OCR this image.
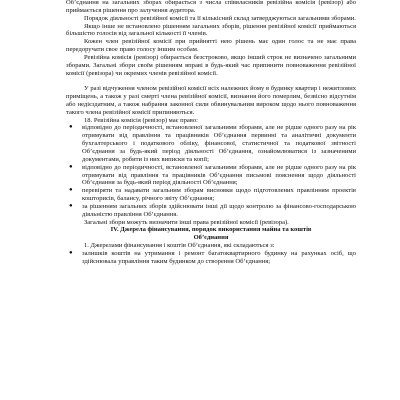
Об’єднання на загальних зборах обирається з числа співвласників ревізійна комісія (ревізор) або приймається рішення про залучення аудитора.

Порядок діяльності ревізійної комісії та її кількісний склад затверджуються загальними зборами.

Якщо інше не встановлено рішенням загальних зборів, рішення ревізійної комісії приймаються більшістю голосів від загальної кількості її членів.

Кожен член ревізійної комісії при прийнятті нею рішень має один голос та не має права передоручати свое право голосу іншим особам.

Ревізійна комісія (ревізор) обирається безстроково, якщо інший строк не визначено загальними зборами. Загальні збори своїм рішенням вправі в будь-який час припинити повноваження ревізійної комісії (ревізора) чи окремих членів ревізійної комісії.

У разі відчуження членом ревізійної комісії всіх належних йому в будинку квартир і нежитлових приміщень, а також у разі смерті члена ревізійної комісії, визнання його померлим, безвісно відсутнім або недієздатним, а також набрання законної сили обвинувальним вироком щодо нього повноваження такого члена ревізійної комісії припиняються.

18. Ревізійна комісія (ревізор) має право:

● відповідно до періодичності, встановленої загальними зборами, але не рідше одного разу на рік отримувати від правління та працівників Об’єднання первинні та аналітичні документи бухгалтерського і податкового обліку, фінансової, статистичної та податкової звітності Об’єднання за будь-який період діяльності Об’єднання, ознайомлюватися із зазначеними документами, робити із них виписки та копії;
● відповідно до періодичності, встановленої загальними зборами, але не рідше одного разу на рік отримувати від правління та працівників Об’єднання письмові пояснення щодо діяльності Об’єднання за будь-який період діяльності Об’єднання;
● перевіряти та надавати загальним зборам висновки щодо підготовлених правлінням проектів кошторисів, балансу, річного звіту Об’єднання;
● за рішенням загальних зборів здійснювати інші дії щодо контролю за фінансово-господарською діяльністю правління Об’єднання.

Загальні збори можуть визначити інші права ревізійної комісії (ревізора).

IV. Джерела фінансування, порядок використання майна та коштів
Об’єднання

1. Джерелами фінансування і коштів Об’єднання, які складаються з:

● залишків коштів на утримання і ремонт багатоквартирного будинку на рахунках осіб, що здійснювала управління таким будинком до створення Об’єднання;
